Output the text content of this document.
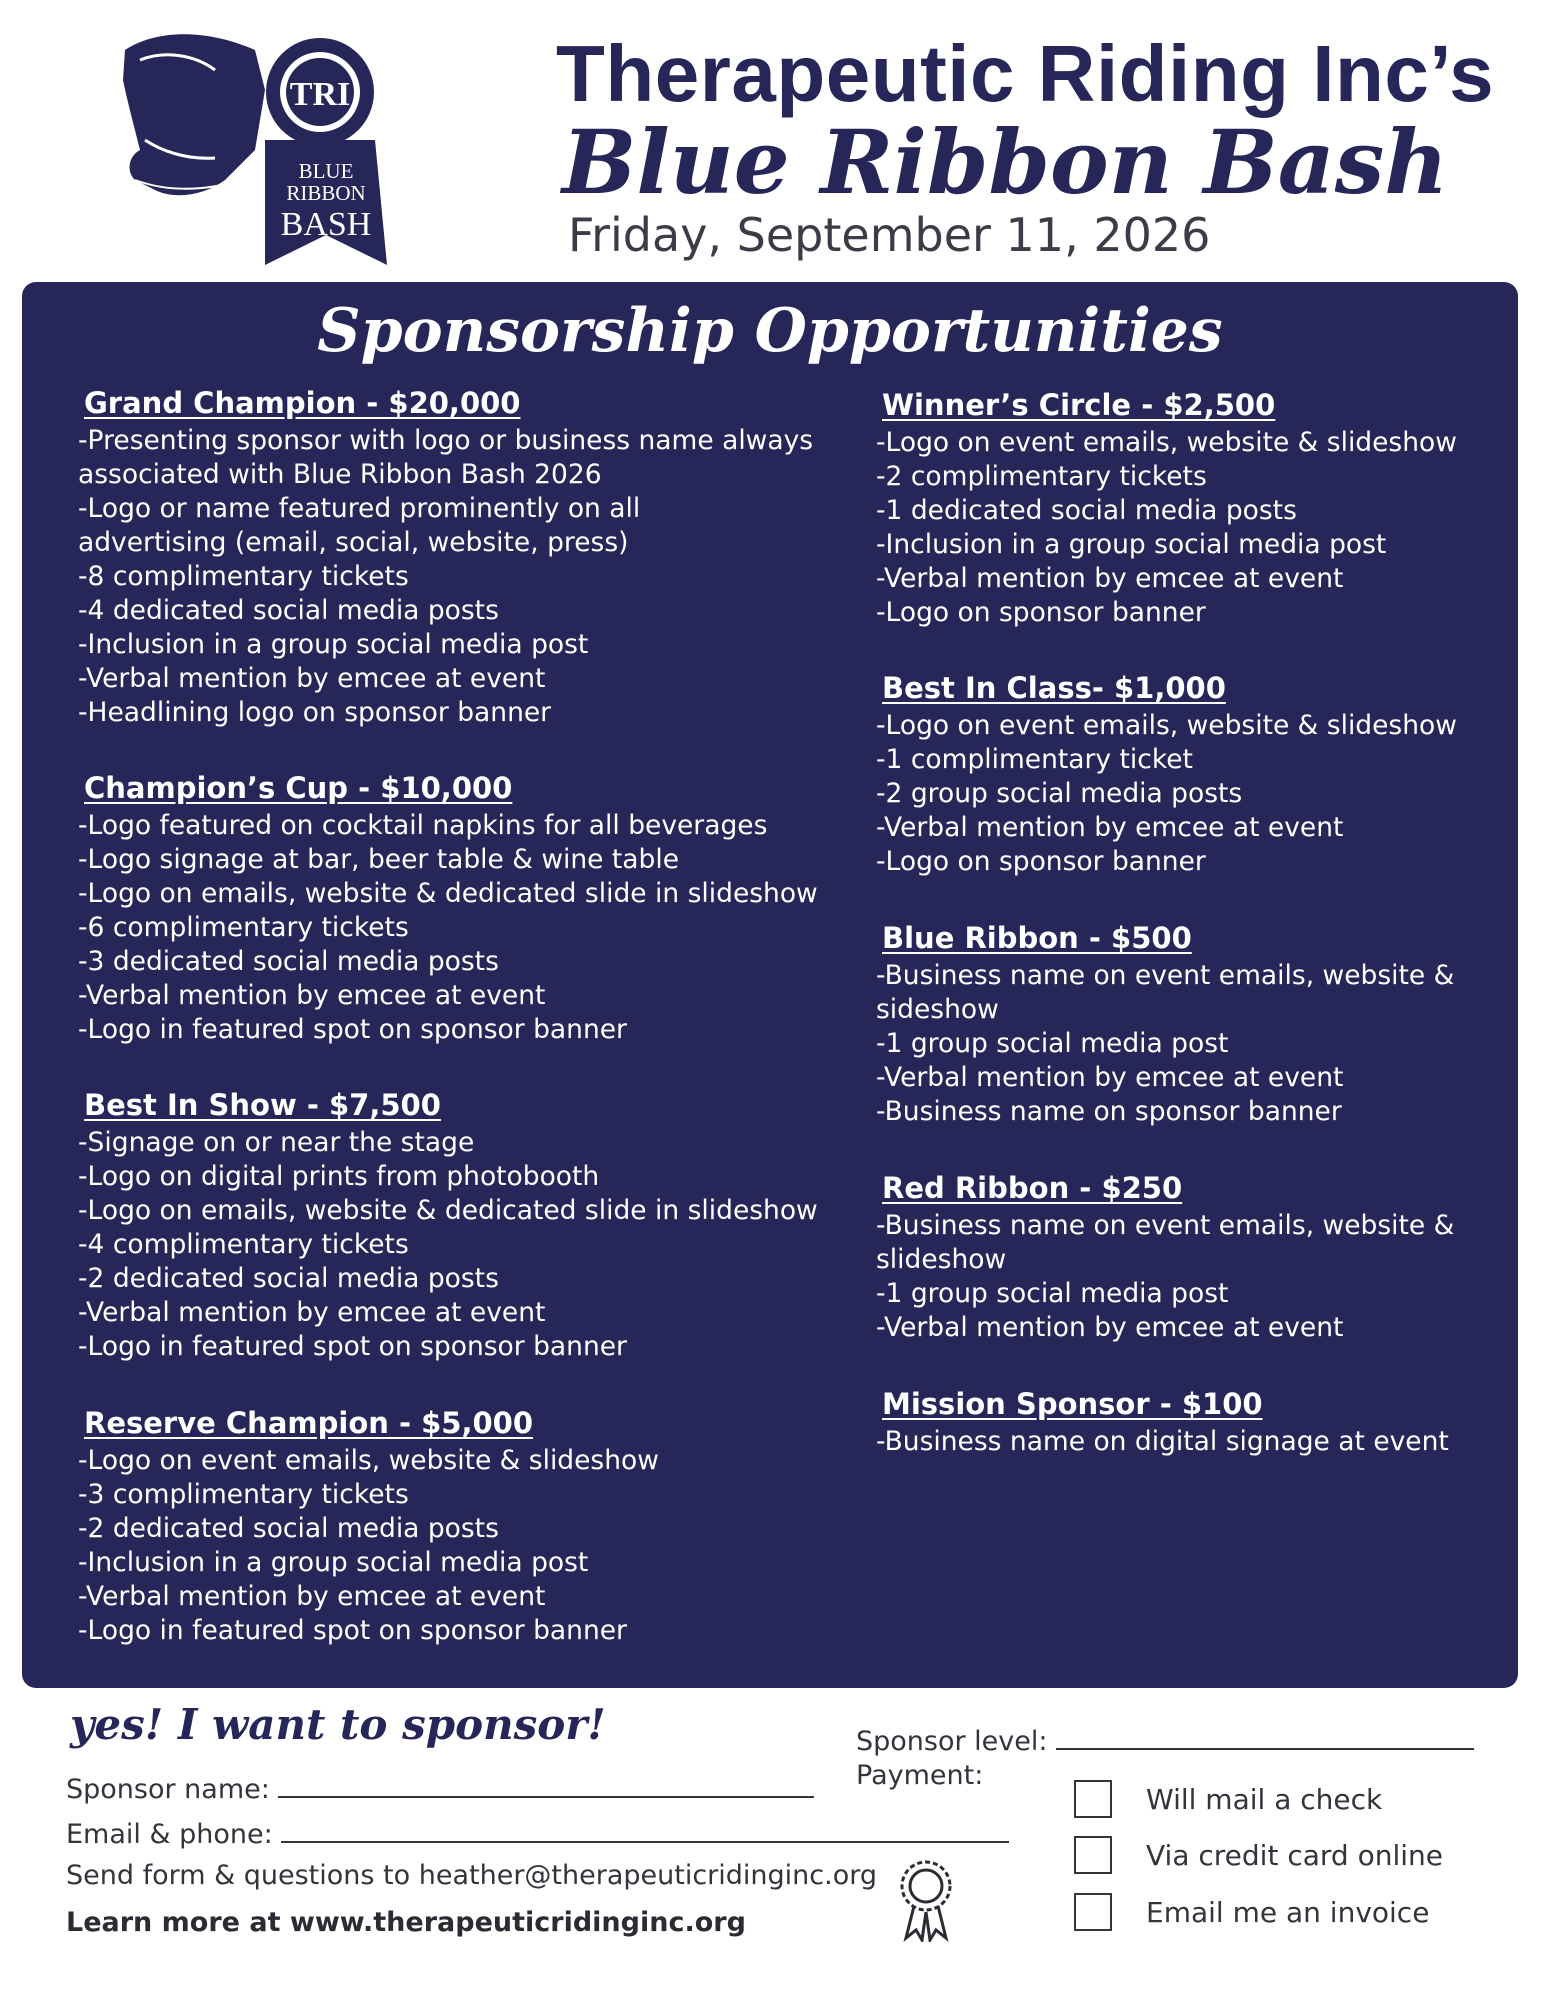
TRI
BLUE
RIBBON
BASH
Therapeutic Riding Inc’s
Blue Ribbon Bash
Friday, September 11, 2026
Sponsorship Opportunities
Grand Champion - $20,000
-Presenting sponsor with logo or business name always
associated with Blue Ribbon Bash 2026
-Logo or name featured prominently on all
advertising (email, social, website, press)
-8 complimentary tickets
-4 dedicated social media posts
-Inclusion in a group social media post
-Verbal mention by emcee at event
-Headlining logo on sponsor banner
Champion’s Cup - $10,000
-Logo featured on cocktail napkins for all beverages
-Logo signage at bar, beer table & wine table
-Logo on emails, website & dedicated slide in slideshow
-6 complimentary tickets
-3 dedicated social media posts
-Verbal mention by emcee at event
-Logo in featured spot on sponsor banner
Best In Show - $7,500
-Signage on or near the stage
-Logo on digital prints from photobooth
-Logo on emails, website & dedicated slide in slideshow
-4 complimentary tickets
-2 dedicated social media posts
-Verbal mention by emcee at event
-Logo in featured spot on sponsor banner
Reserve Champion - $5,000
-Logo on event emails, website & slideshow
-3 complimentary tickets
-2 dedicated social media posts
-Inclusion in a group social media post
-Verbal mention by emcee at event
-Logo in featured spot on sponsor banner
Winner’s Circle - $2,500
-Logo on event emails, website & slideshow
-2 complimentary tickets
-1 dedicated social media posts
-Inclusion in a group social media post
-Verbal mention by emcee at event
-Logo on sponsor banner
Best In Class- $1,000
-Logo on event emails, website & slideshow
-1 complimentary ticket
-2 group social media posts
-Verbal mention by emcee at event
-Logo on sponsor banner
Blue Ribbon - $500
-Business name on event emails, website &
sideshow
-1 group social media post
-Verbal mention by emcee at event
-Business name on sponsor banner
Red Ribbon - $250
-Business name on event emails, website &
slideshow
-1 group social media post
-Verbal mention by emcee at event
Mission Sponsor - $100
-Business name on digital signage at event
yes! I want to sponsor!
Sponsor name:
Email & phone:
Send form & questions to heather@therapeuticridinginc.org
Learn more at www.therapeuticridinginc.org
Sponsor level:
Payment:
Will mail a check
Via credit card online
Email me an invoice
